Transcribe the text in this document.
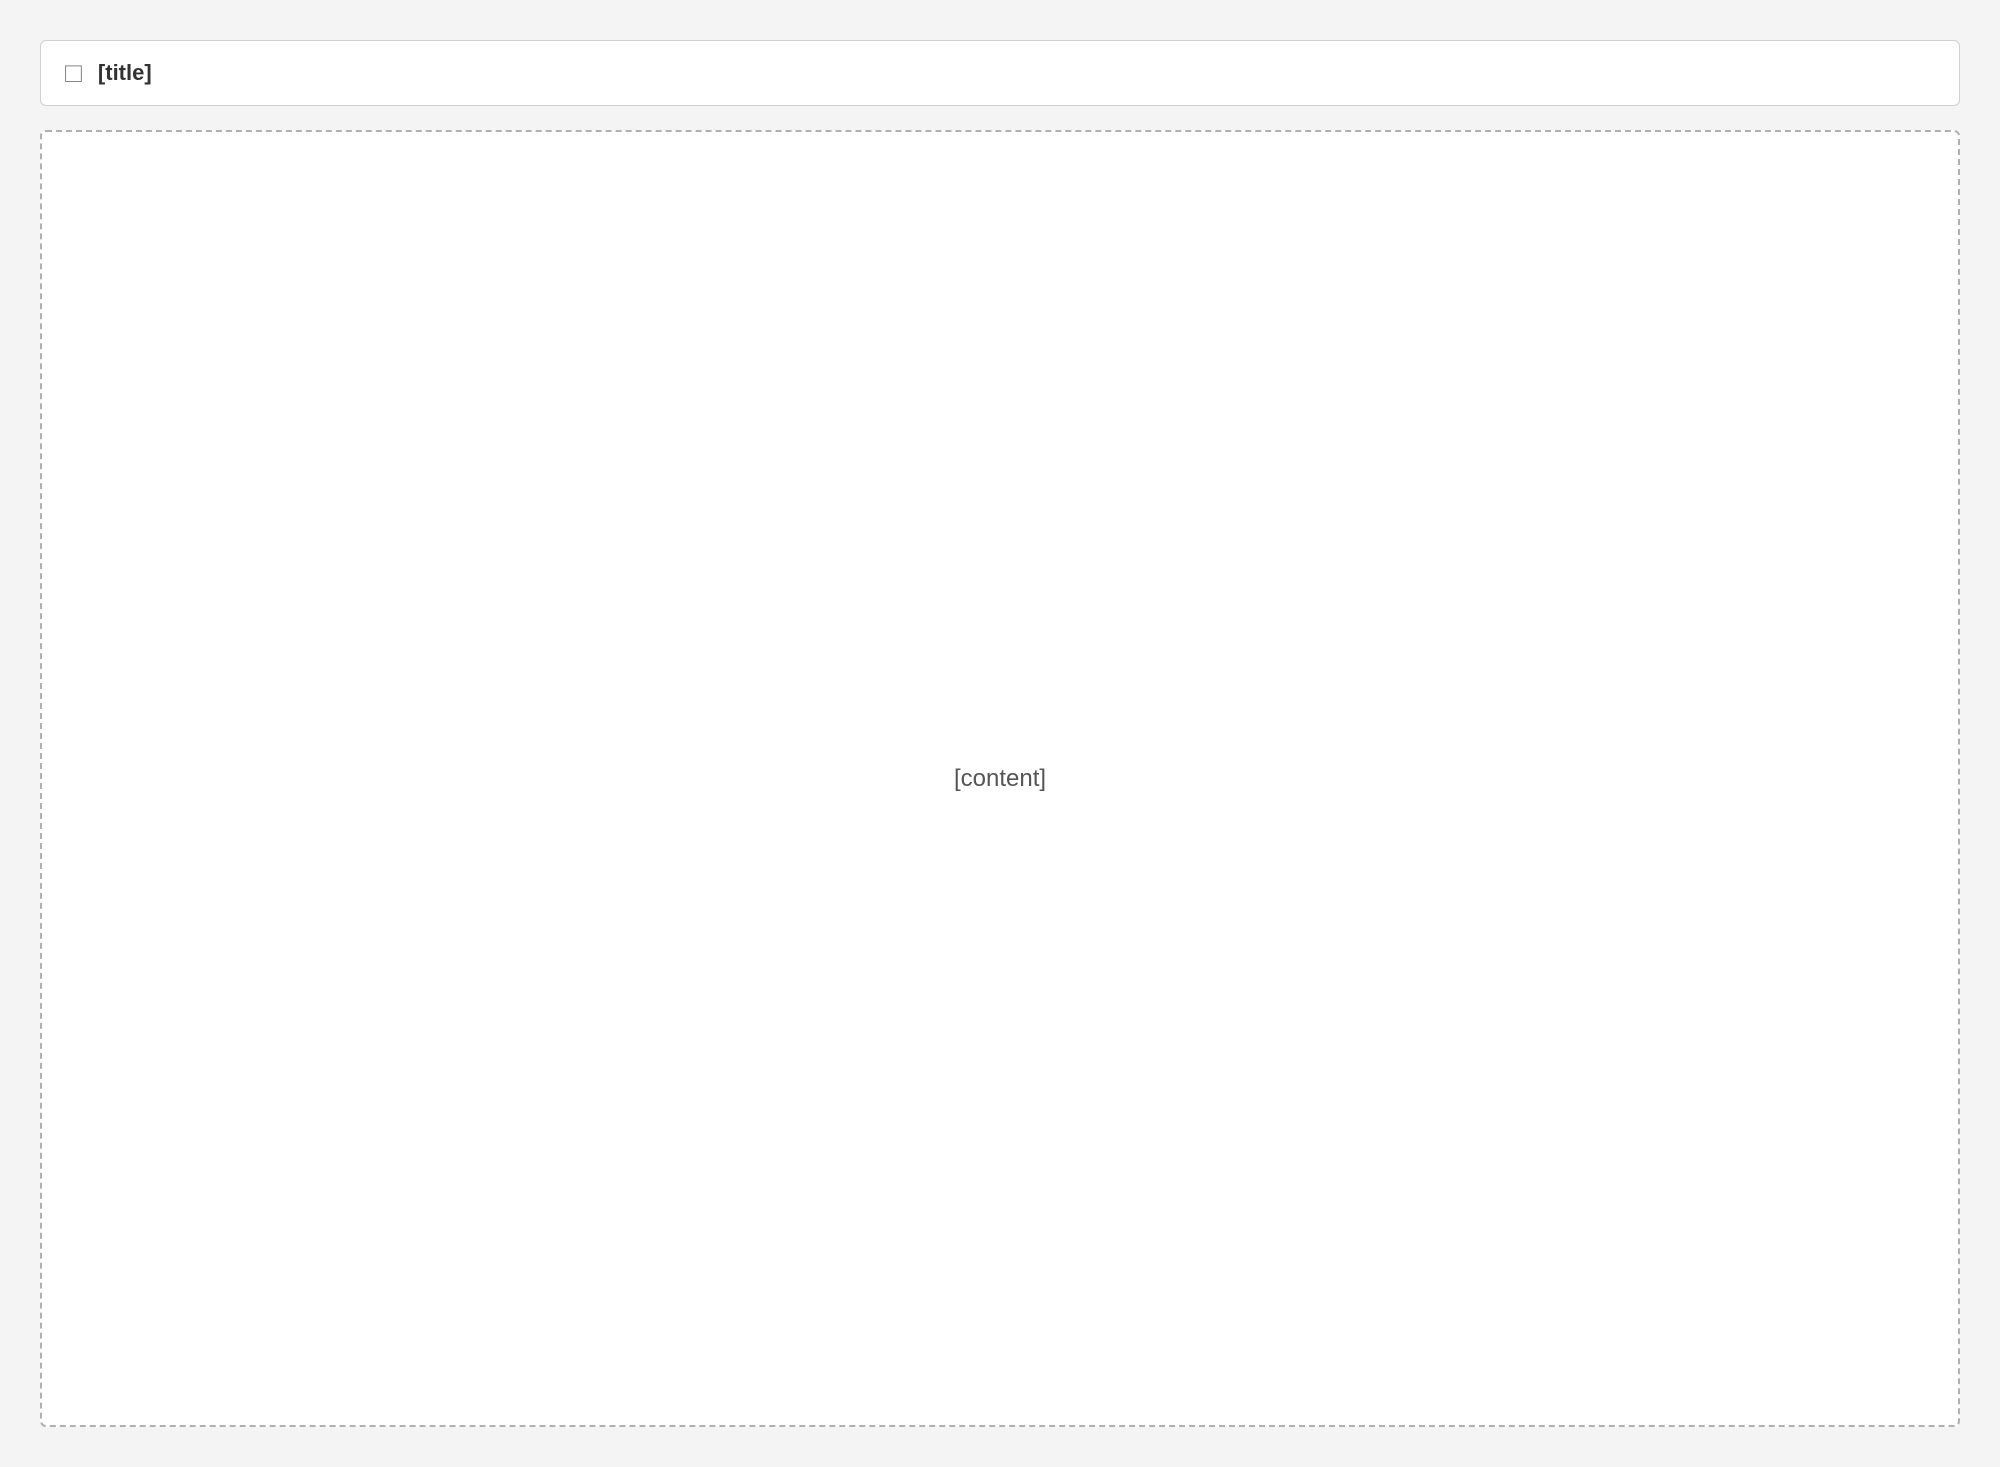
□ [title]
[content]
